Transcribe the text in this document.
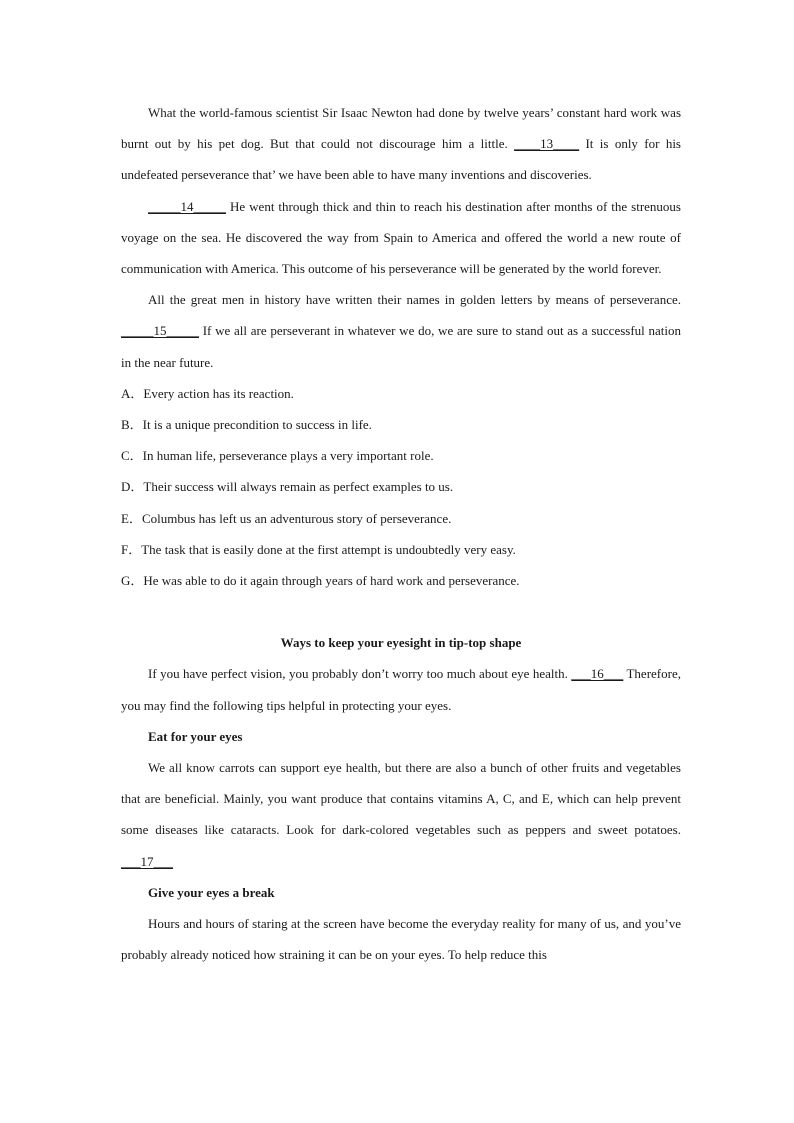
What the world-famous scientist Sir Isaac Newton had done by twelve years’ constant hard work was burnt out by his pet dog. But that could not discourage him a little. ____13____ It is only for his undefeated perseverance that’ we have been able to have many inventions and discoveries.

_____14_____ He went through thick and thin to reach his destination after months of the strenuous voyage on the sea. He discovered the way from Spain to America and offered the world a new route of communication with America. This outcome of his perseverance will be generated by the world forever.

All the great men in history have written their names in golden letters by means of perseverance. _____15_____ If we all are perseverant in whatever we do, we are sure to stand out as a successful nation in the near future.

A．Every action has its reaction.

B．It is a unique precondition to success in life.

C．In human life, perseverance plays a very important role.

D．Their success will always remain as perfect examples to us.

E．Columbus has left us an adventurous story of perseverance.

F．The task that is easily done at the first attempt is undoubtedly very easy.

G．He was able to do it again through years of hard work and perseverance.

Ways to keep your eyesight in tip-top shape

If you have perfect vision, you probably don’t worry too much about eye health. ___16___ Therefore, you may find the following tips helpful in protecting your eyes.

Eat for your eyes

We all know carrots can support eye health, but there are also a bunch of other fruits and vegetables that are beneficial. Mainly, you want produce that contains vitamins A, C, and E, which can help prevent some diseases like cataracts. Look for dark-colored vegetables such as peppers and sweet potatoes. ___17___

Give your eyes a break

Hours and hours of staring at the screen have become the everyday reality for many of us, and you’ve probably already noticed how straining it can be on your eyes. To help reduce this
